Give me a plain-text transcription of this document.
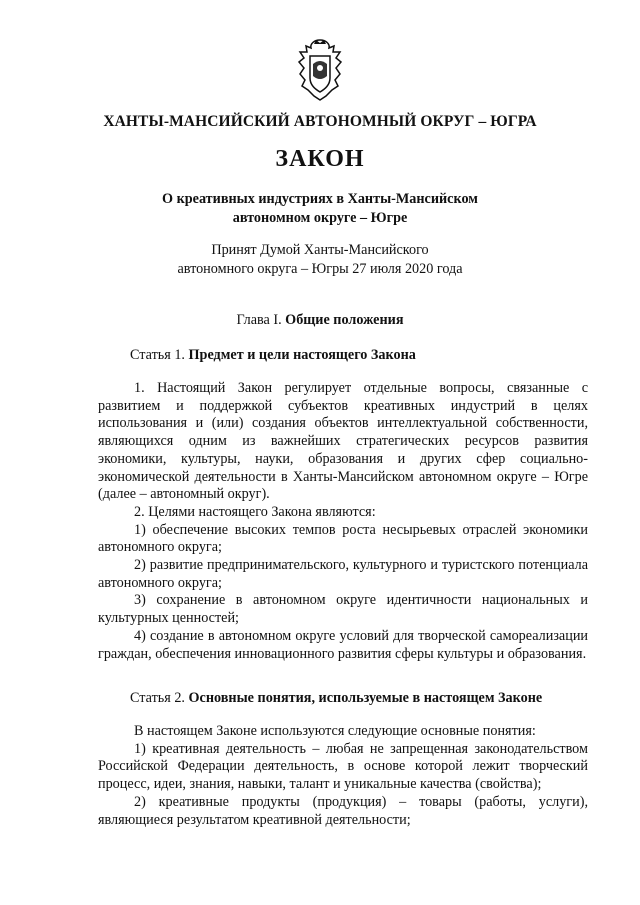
ХАНТЫ-МАНСИЙСКИЙ АВТОНОМНЫЙ ОКРУГ – ЮГРА
ЗАКОН
О креативных индустриях в Ханты-Мансийском
автономном округе – Югре
Принят Думой Ханты-Мансийского
автономного округа – Югры 27 июля 2020 года
Глава I. Общие положения
Статья 1. Предмет и цели настоящего Закона

1. Настоящий Закон регулирует отдельные вопросы, связанные с развитием и поддержкой субъектов креативных индустрий в целях использования и (или) создания объектов интеллектуальной собственности, являющихся одним из важнейших стратегических ресурсов развития экономики, культуры, науки, образования и других сфер социально-экономической деятельности в Ханты-Мансийском автономном округе – Югре (далее – автономный округ).

2. Целями настоящего Закона являются:

1) обеспечение высоких темпов роста несырьевых отраслей экономики автономного округа;

2) развитие предпринимательского, культурного и туристского потенциала автономного округа;

3) сохранение в автономном округе идентичности национальных и культурных ценностей;

4) создание в автономном округе условий для творческой самореализации граждан, обеспечения инновационного развития сферы культуры и образования.

Статья 2. Основные понятия, используемые в настоящем Законе

В настоящем Законе используются следующие основные понятия:

1) креативная деятельность – любая не запрещенная законодательством Российской Федерации деятельность, в основе которой лежит творческий процесс, идеи, знания, навыки, талант и уникальные качества (свойства);

2) креативные продукты (продукция) – товары (работы, услуги), являющиеся результатом креативной деятельности;
